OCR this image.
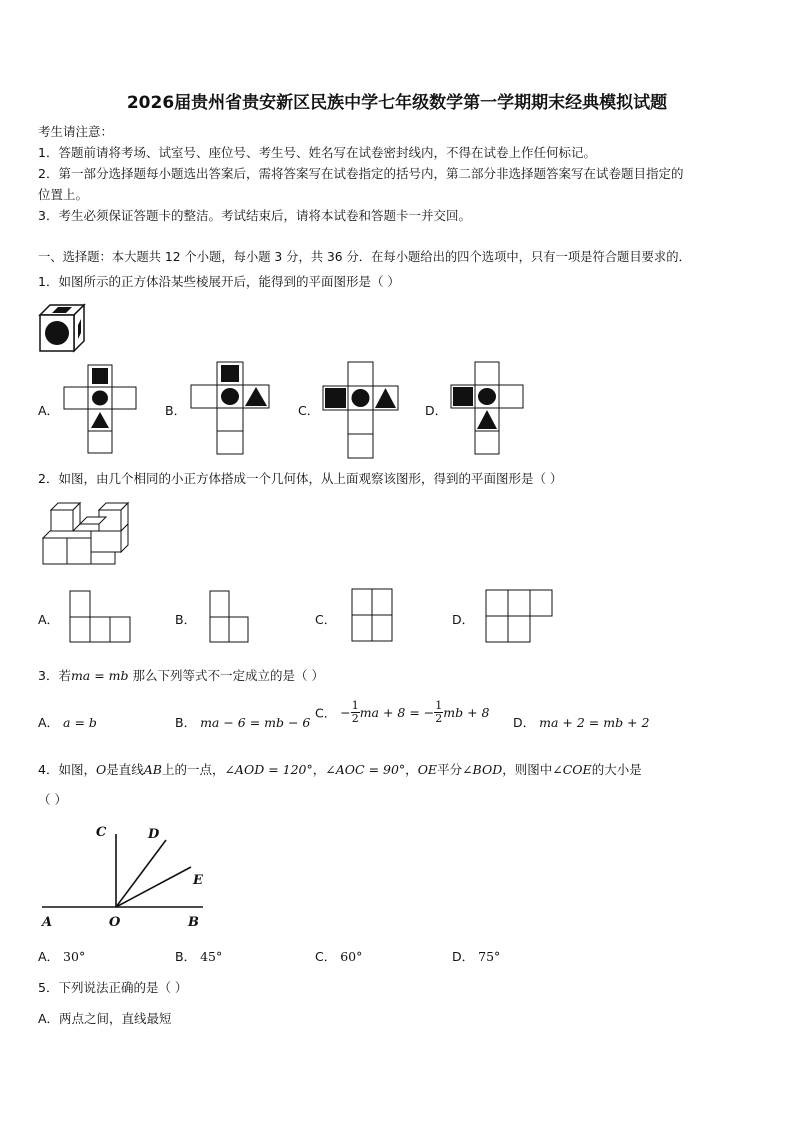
2026届贵州省贵安新区民族中学七年级数学第一学期期末经典模拟试题
考生请注意：
1．答题前请将考场、试室号、座位号、考生号、姓名写在试卷密封线内，不得在试卷上作任何标记。
2．第一部分选择题每小题选出答案后，需将答案写在试卷指定的括号内，第二部分非选择题答案写在试卷题目指定的
位置上。
3．考生必须保证答题卡的整洁。考试结束后，请将本试卷和答题卡一并交回。
一、选择题：本大题共 12 个小题，每小题 3 分，共 36 分．在每小题给出的四个选项中，只有一项是符合题目要求的．
1．如图所示的正方体沿某些棱展开后，能得到的平面图形是（ ）
A．	B．	C．	D．
2．如图，由几个相同的小正方体搭成一个几何体，从上面观察该图形，得到的平面图形是（ ）
A．	B．	C．	D．
3．若ma = mb 那么下列等式不一定成立的是（ ）
A． a = b	B． ma − 6 = mb − 6
C． − $\frac{1}{2}$ ma + 8 = − $\frac{1}{2}$ mb + 8
D． ma + 2 = mb + 2
4．如图，O是直线AB上的一点，∠AOD = 120°，∠AOC = 90°，OE平分∠BOD，则图中∠COE的大小是
（ ）
C	D
E
A	O	B
A． 30°	B． 45°	C． 60°	D． 75°
5．下列说法正确的是（ ）
A．两点之间，直线最短
